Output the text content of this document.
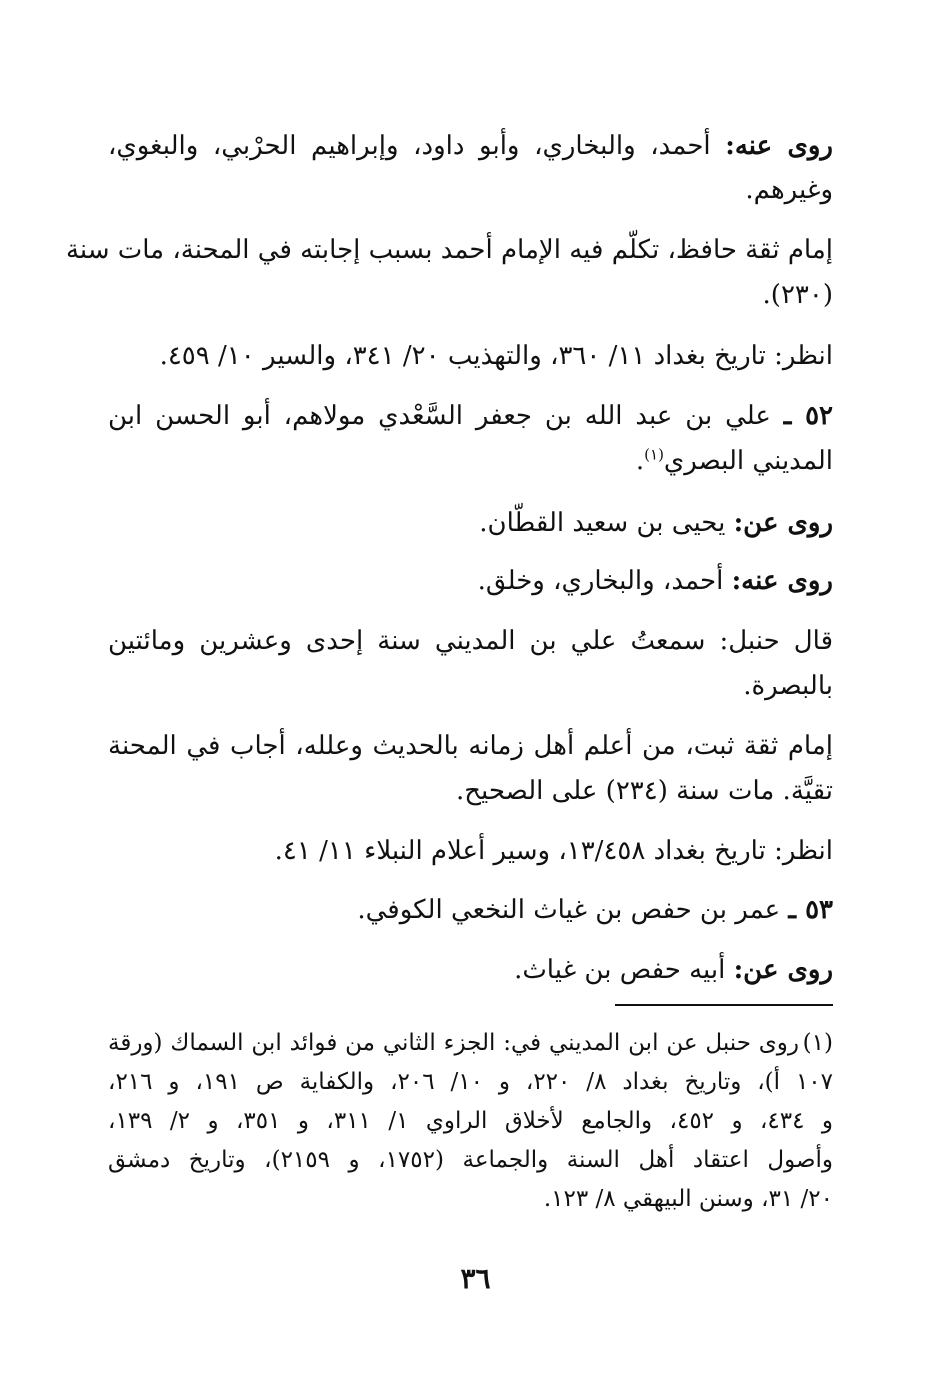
روى عنه: أحمد، والبخاري، وأبو داود، وإبراهيم الحرْبي، والبغوي،
وغيرهم.
إمام ثقة حافظ، تكلّم فيه الإمام أحمد بسبب إجابته في المحنة، مات سنة
(٢٣٠).
انظر: تاريخ بغداد ١١/ ٣٦٠، والتهذيب ٢٠/ ٣٤١، والسير ١٠/ ٤٥٩.
٥٢ ـ علي بن عبد الله بن جعفر السَّعْدي مولاهم، أبو الحسن ابن
المديني البصري$^{(١)}$.
روى عن: يحيى بن سعيد القطّان.
روى عنه: أحمد، والبخاري، وخلق.
قال حنبل: سمعتُ علي بن المديني سنة إحدى وعشرين ومائتين
بالبصرة.
إمام ثقة ثبت، من أعلم أهل زمانه بالحديث وعلله، أجاب في المحنة
تقيَّة. مات سنة (٢٣٤) على الصحيح.
انظر: تاريخ بغداد ١٣/٤٥٨، وسير أعلام النبلاء ١١/ ٤١.
٥٣ ـ عمر بن حفص بن غياث النخعي الكوفي.
روى عن: أبيه حفص بن غياث.
(١)
روى حنبل عن ابن المديني في: الجزء الثاني من فوائد ابن السماك (ورقة
١٠٧ أ)، وتاريخ بغداد ٨/ ٢٢٠، و ١٠/ ٢٠٦، والكفاية ص ١٩١، و ٢١٦،
و ٤٣٤، و ٤٥٢، والجامع لأخلاق الراوي ١/ ٣١١، و ٣٥١، و ٢/ ١٣٩،
وأصول اعتقاد أهل السنة والجماعة (١٧٥٢، و ٢١٥٩)، وتاريخ دمشق
٢٠/ ٣١، وسنن البيهقي ٨/ ١٢٣.
٣٦
